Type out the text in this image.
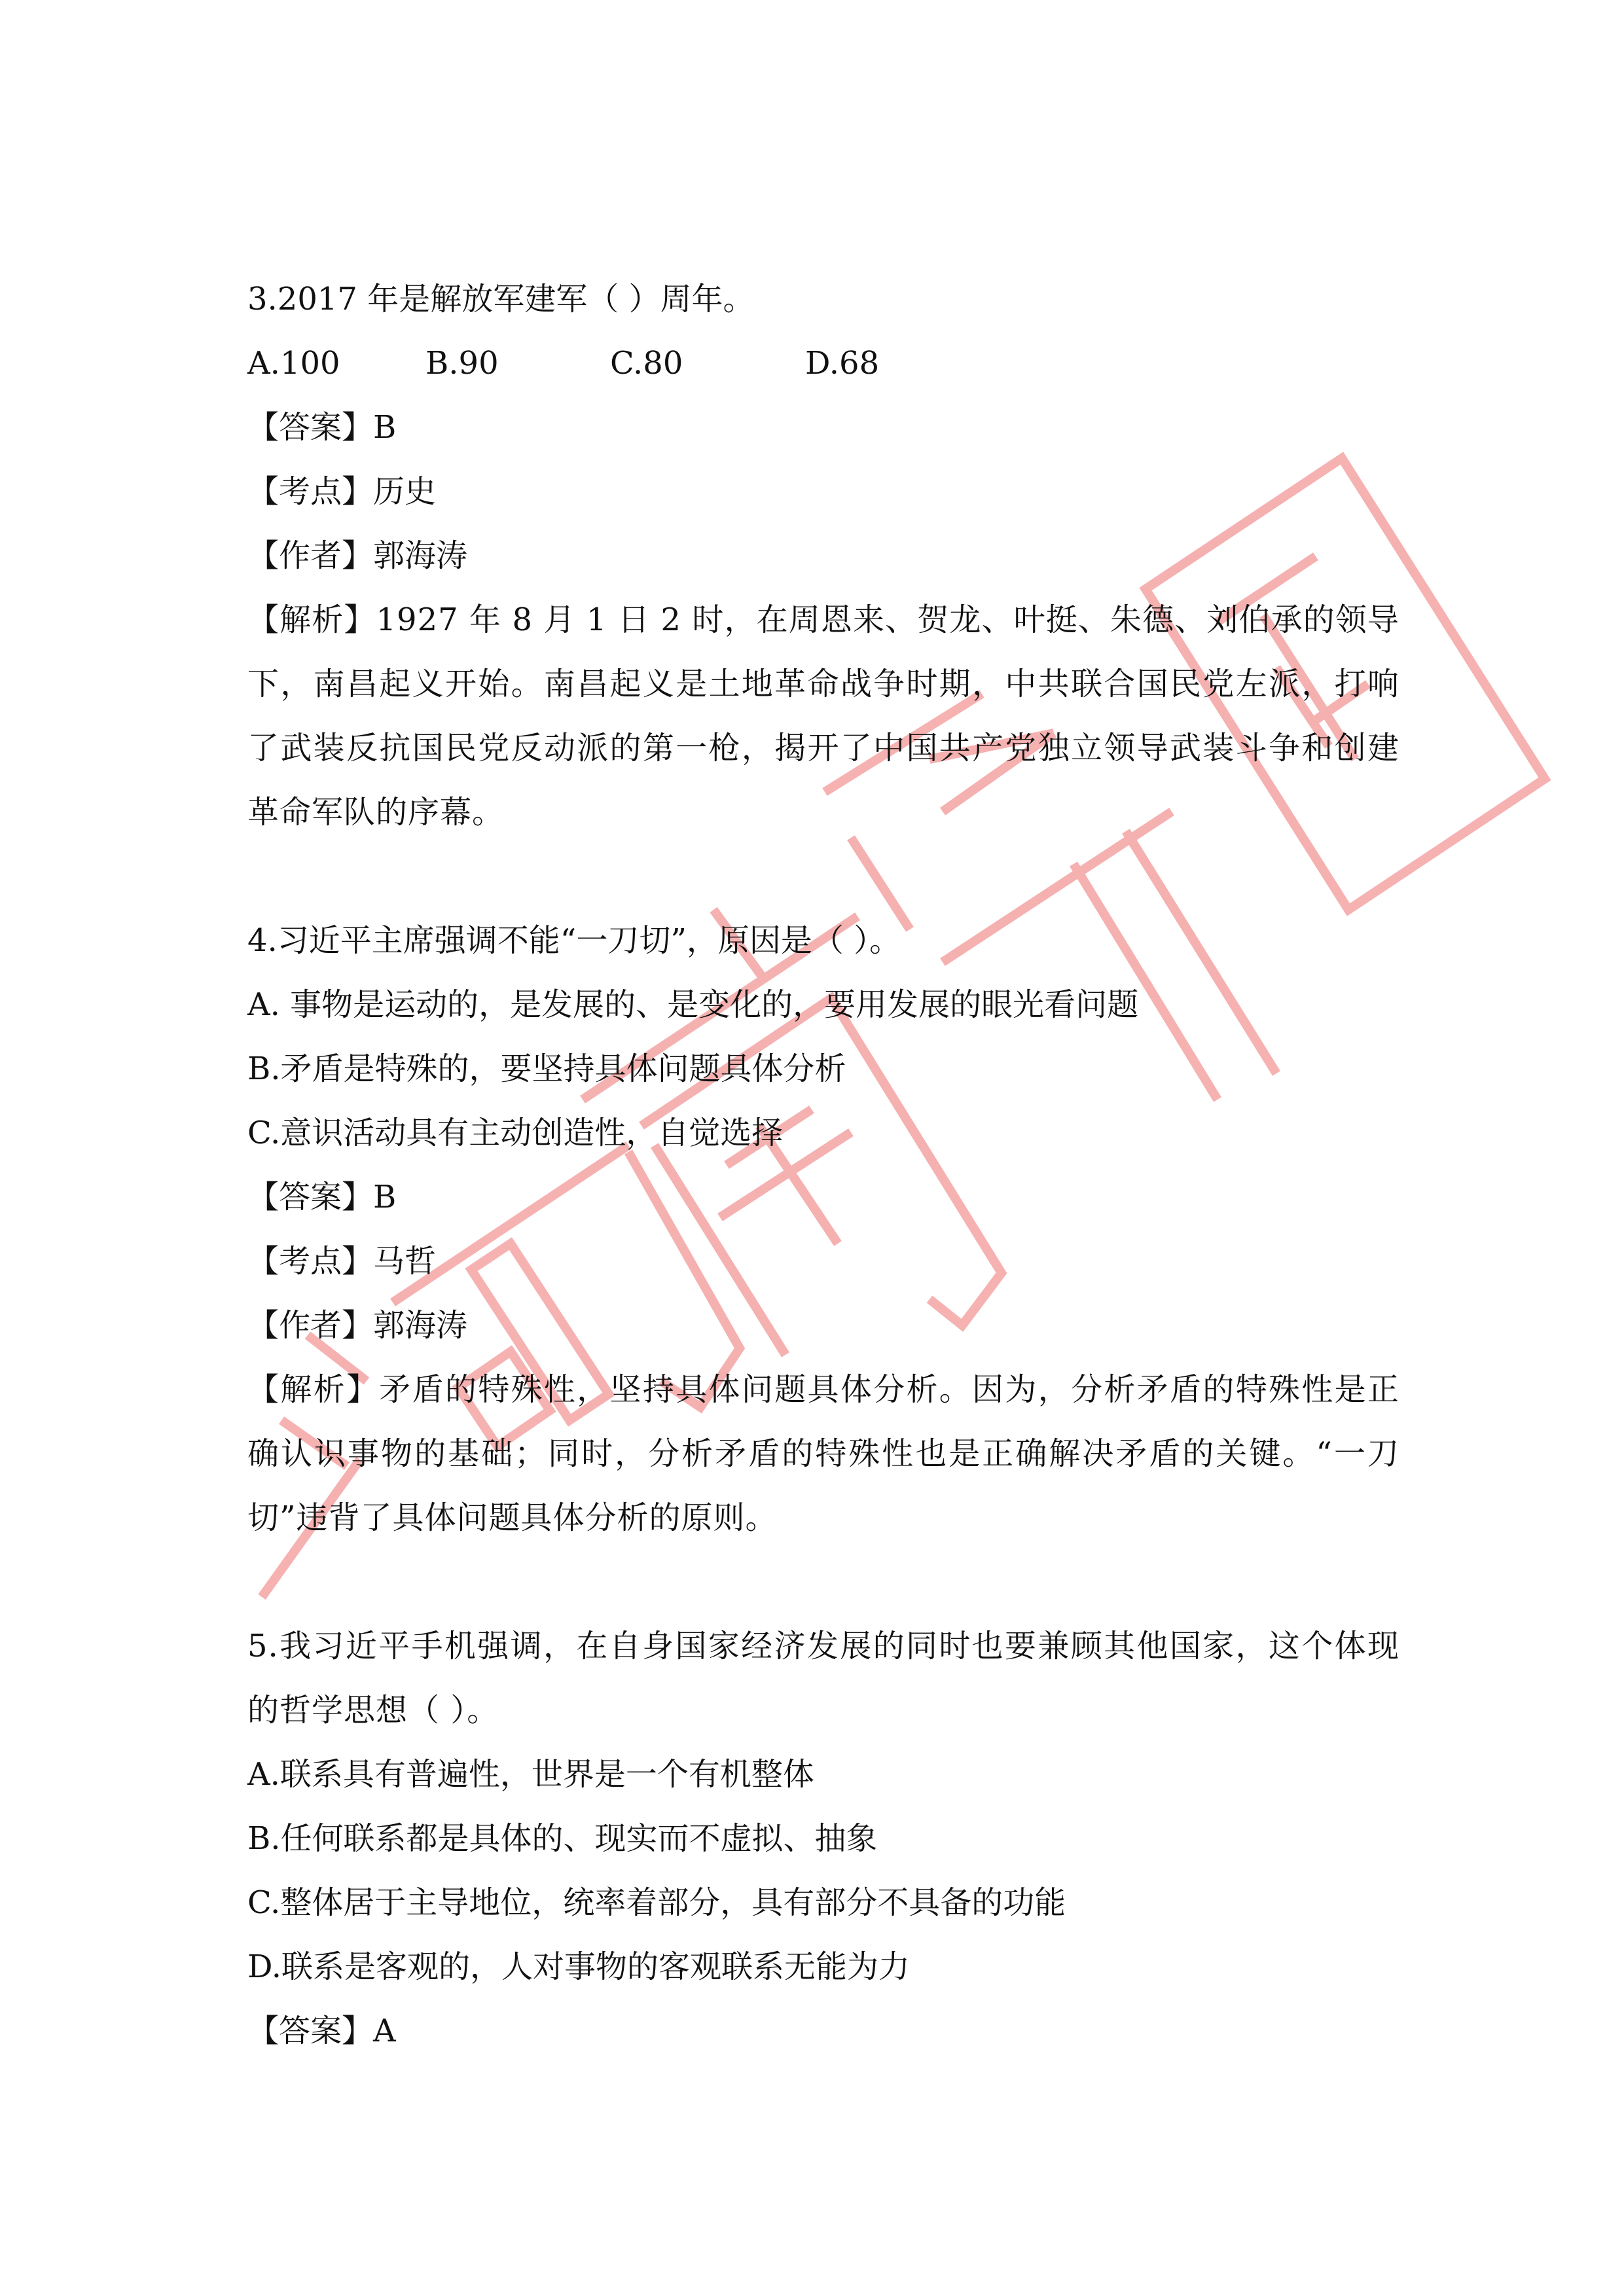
3.2017 年是解放军建军（ ）周年。
A.100	B.90	C.80	D.68
【答案】B
【考点】历史
【作者】郭海涛
【解析】1927 年 8 月 1 日 2 时，在周恩来、贺龙、叶挺、朱德、刘伯承的领导下，南昌起义开始。南昌起义是土地革命战争时期，中共联合国民党左派，打响了武装反抗国民党反动派的第一枪，揭开了中国共产党独立领导武装斗争和创建革命军队的序幕。
4.习近平主席强调不能“一刀切”，原因是（ ）。
A. 事物是运动的，是发展的、是变化的，要用发展的眼光看问题
B.矛盾是特殊的，要坚持具体问题具体分析
C.意识活动具有主动创造性，自觉选择
【答案】B
【考点】马哲
【作者】郭海涛
【解析】矛盾的特殊性，坚持具体问题具体分析。因为，分析矛盾的特殊性是正确认识事物的基础；同时，分析矛盾的特殊性也是正确解决矛盾的关键。“一刀切”违背了具体问题具体分析的原则。
5.我习近平手机强调，在自身国家经济发展的同时也要兼顾其他国家，这个体现的哲学思想（ ）。
A.联系具有普遍性，世界是一个有机整体
B.任何联系都是具体的、现实而不虚拟、抽象
C.整体居于主导地位，统率着部分，具有部分不具备的功能
D.联系是客观的，人对事物的客观联系无能为力
【答案】A
